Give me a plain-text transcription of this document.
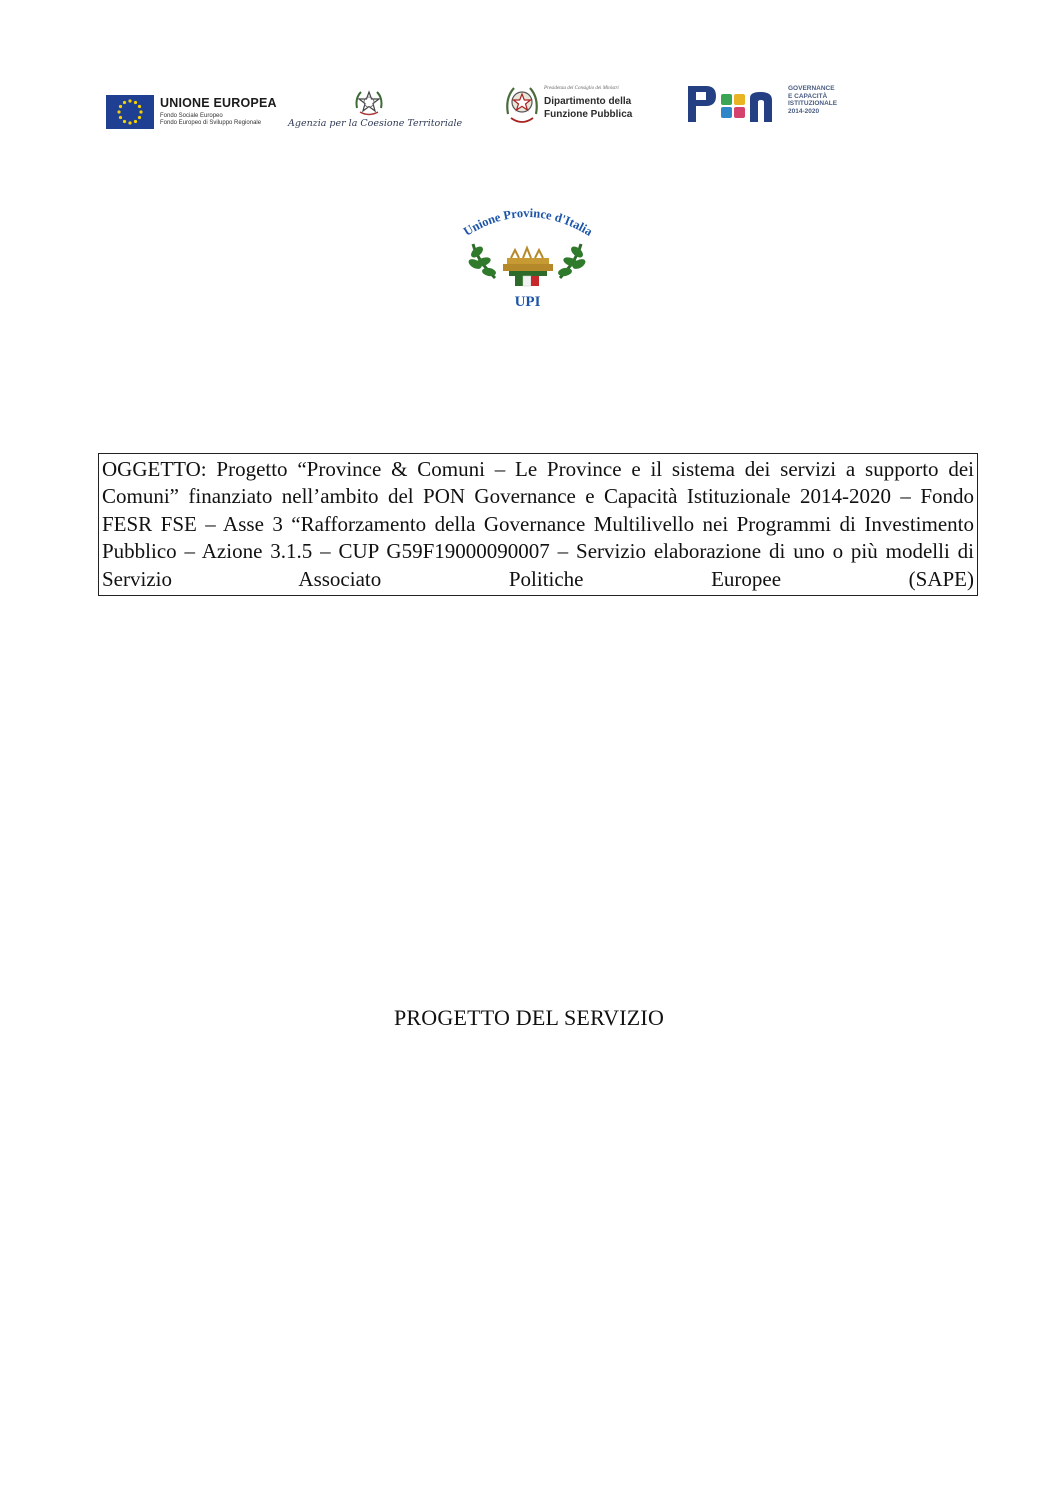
UNIONE EUROPEA
Fondo Sociale Europeo
Fondo Europeo di Sviluppo Regionale	Agenzia per la Coesione Territoriale
Presidenza del Consiglio dei Ministri
Dipartimento della
Funzione Pubblica
GOVERNANCE
E CAPACITÀ
ISTITUZIONALE
2014-2020
Unione Province d'Italia
UPI
OGGETTO: Progetto “Province & Comuni – Le Province e il sistema dei servizi a supporto dei Comuni” finanziato nell’ambito del PON Governance e Capacità Istituzionale 2014-2020 – Fondo FESR FSE – Asse 3 “Rafforzamento della Governance Multilivello nei Programmi di Investimento Pubblico – Azione 3.1.5 – CUP G59F19000090007 – Servizio elaborazione di uno o più modelli di Servizio Associato Politiche Europee (SAPE)
PROGETTO DEL SERVIZIO
